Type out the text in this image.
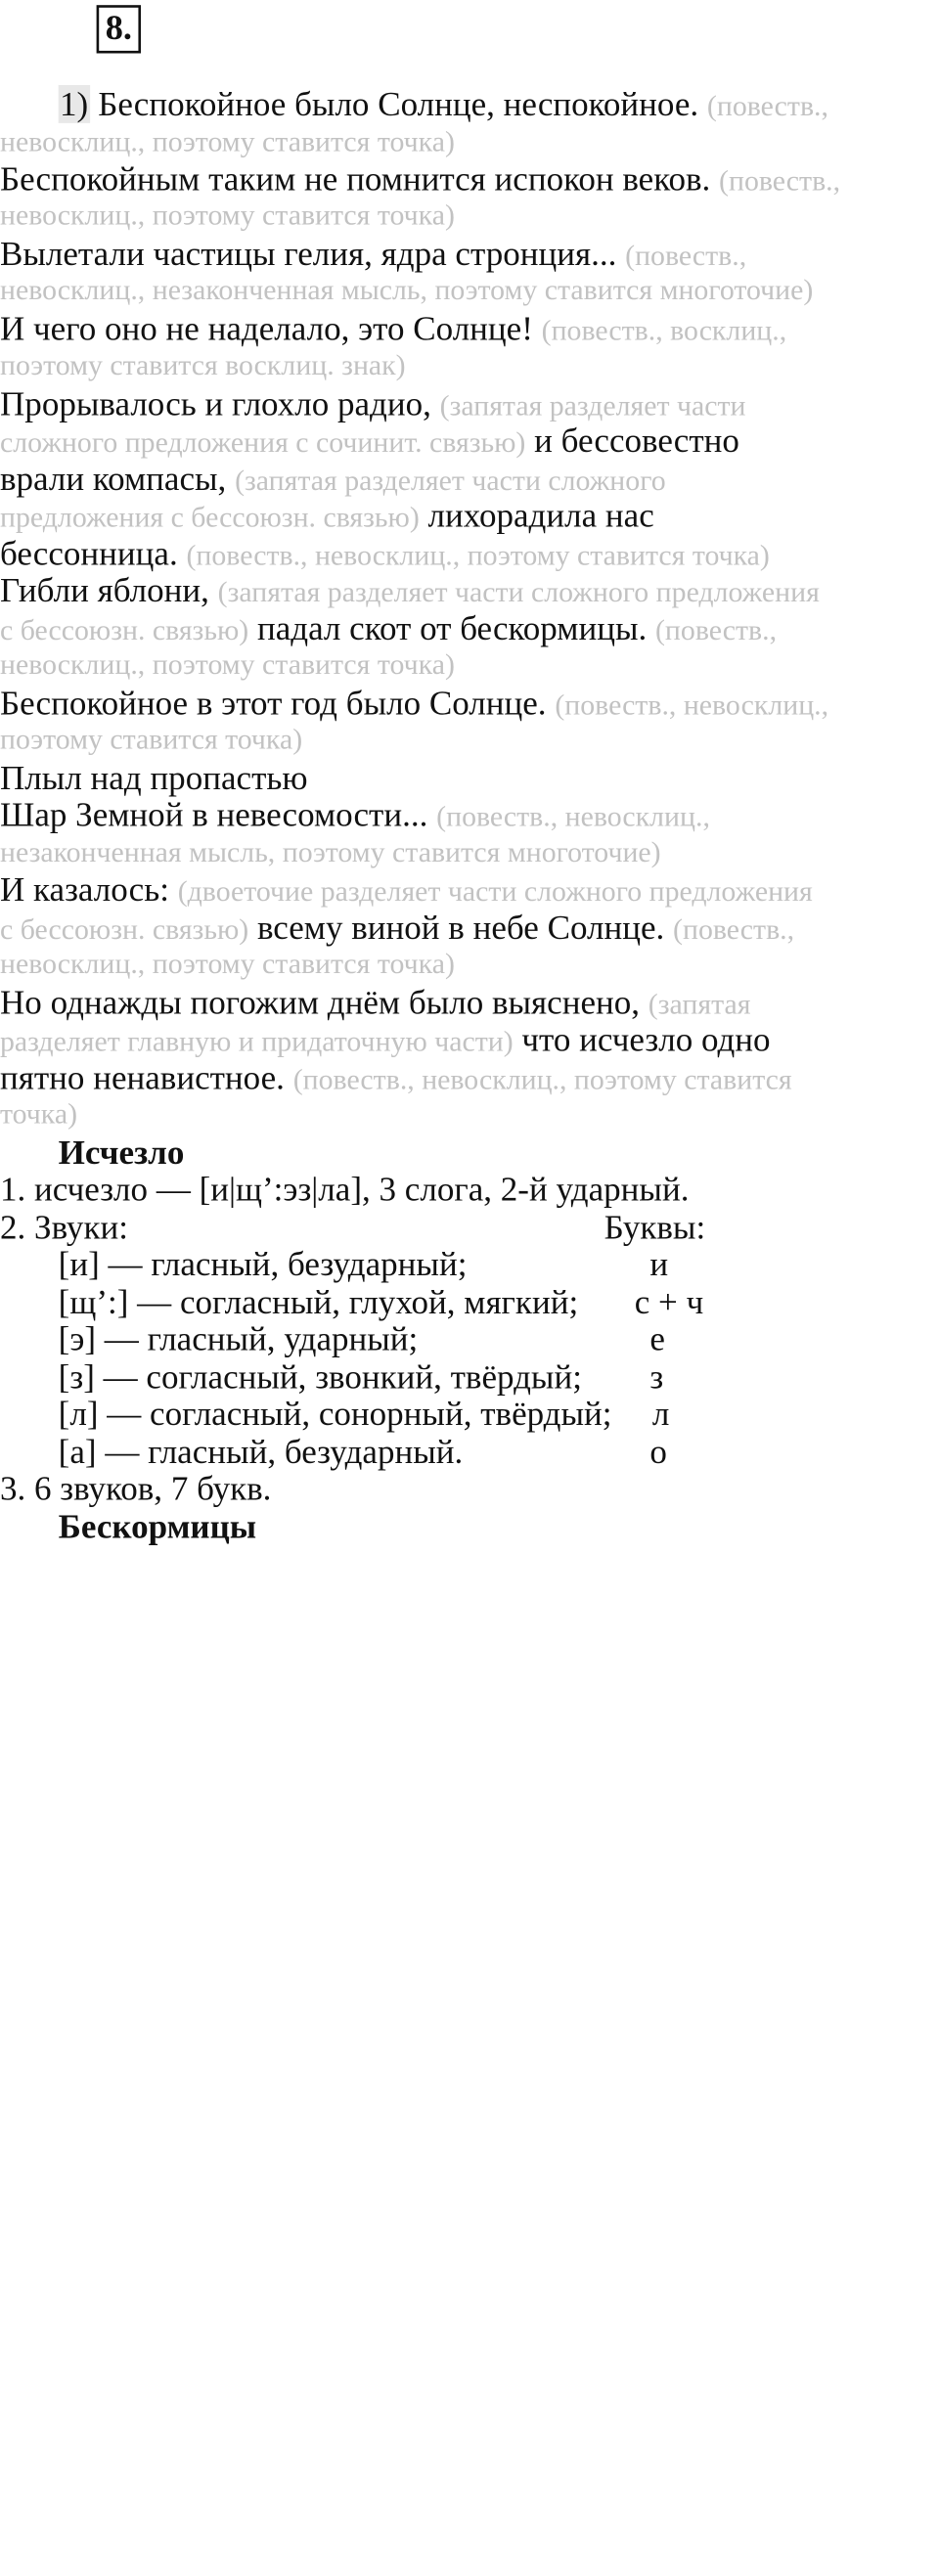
8.
1) Беспокойное было Солнце, неспокойное. (повеств.,
невосклиц., поэтому ставится точка)
Беспокойным таким не помнится испокон веков. (повеств.,
невосклиц., поэтому ставится точка)
Вылетали частицы гелия, ядра стронция... (повеств.,
невосклиц., незаконченная мысль, поэтому ставится многоточие)
И чего оно не наделало, это Солнце! (повеств., восклиц.,
поэтому ставится восклиц. знак)
Прорывалось и глохло радио, (запятая разделяет части
сложного предложения с сочинит. связью) и бессовестно
врали компасы, (запятая разделяет части сложного
предложения с бессоюзн. связью) лихорадила нас
бессонница. (повеств., невосклиц., поэтому ставится точка)
Гибли яблони, (запятая разделяет части сложного предложения
с бессоюзн. связью) падал скот от бескормицы. (повеств.,
невосклиц., поэтому ставится точка)
Беспокойное в этот год было Солнце. (повеств., невосклиц.,
поэтому ставится точка)
Плыл над пропастью
Шар Земной в невесомости... (повеств., невосклиц.,
незаконченная мысль, поэтому ставится многоточие)
И казалось: (двоеточие разделяет части сложного предложения
с бессоюзн. связью) всему виной в небе Солнце. (повеств.,
невосклиц., поэтому ставится точка)
Но однажды погожим днём было выяснено, (запятая
разделяет главную и придаточную части) что исчезло одно
пятно ненавистное. (повеств., невосклиц., поэтому ставится
точка)
Исчезло
1. исчезло — [и|щ’:эз|ла], 3 слога, 2-й ударный.
2. Звуки:	Буквы:
[и] — гласный, безударный;	и
[щ’:] — согласный, глухой, мягкий; с + ч
[э] — гласный, ударный;	е
[з] — согласный, звонкий, твёрдый;	з
[л] — согласный, сонорный, твёрдый; л
[а] — гласный, безударный.	о
3. 6 звуков, 7 букв.
Бескормицы
